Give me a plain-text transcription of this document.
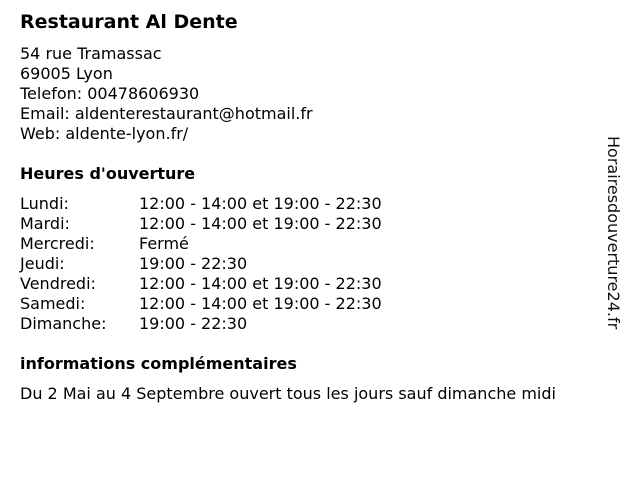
Restaurant Al Dente
54 rue Tramassac
69005 Lyon
Telefon: 00478606930
Email: aldenterestaurant@hotmail.fr
Web: aldente-lyon.fr/
Heures d'ouverture
Lundi:	12:00 - 14:00 et 19:00 - 22:30
Mardi:	12:00 - 14:00 et 19:00 - 22:30
Mercredi:	Fermé
Jeudi:	19:00 - 22:30
Vendredi:	12:00 - 14:00 et 19:00 - 22:30
Samedi:	12:00 - 14:00 et 19:00 - 22:30
Dimanche:	19:00 - 22:30
informations complémentaires
Du 2 Mai au 4 Septembre ouvert tous les jours sauf dimanche midi
Horairesdouverture24.fr
